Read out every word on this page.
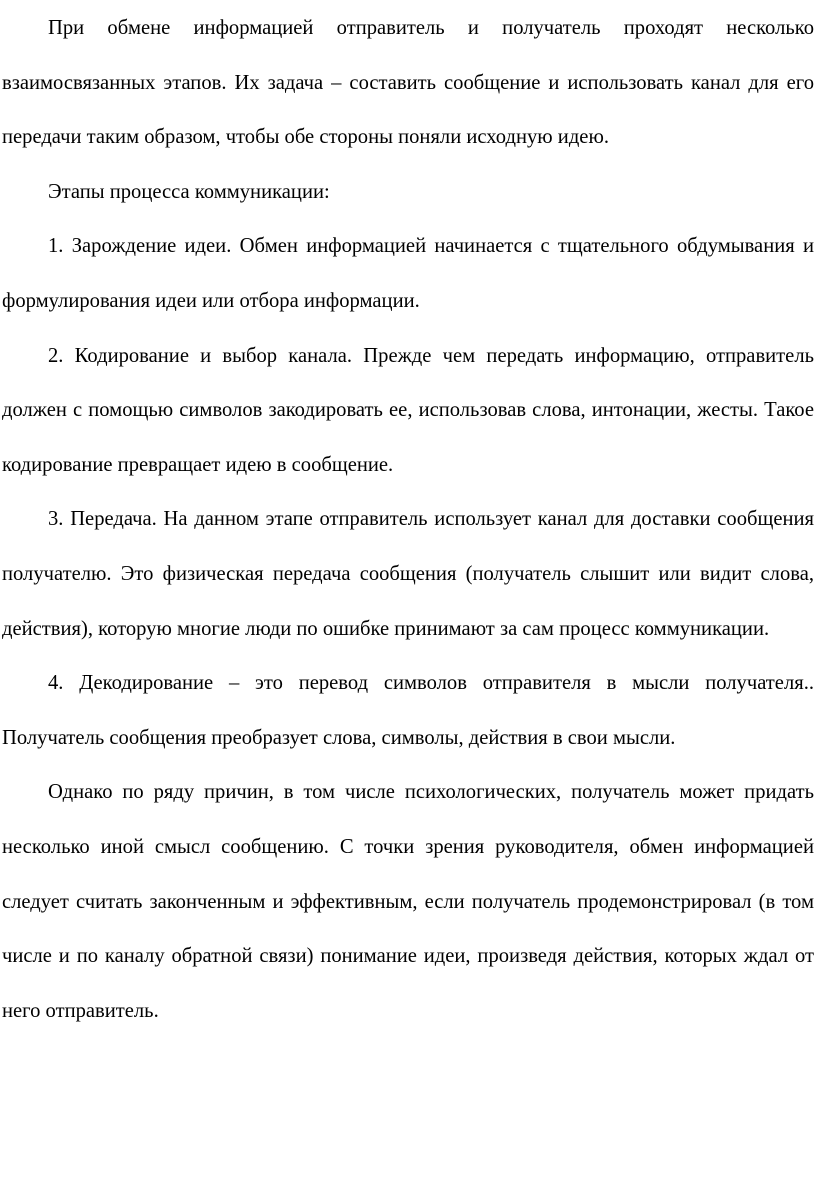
При обмене информацией отправитель и получатель проходят несколько взаимосвязанных этапов. Их задача – составить сообщение и использовать канал для его передачи таким образом, чтобы обе стороны поняли исходную идею.

Этапы процесса коммуникации:

1. Зарождение идеи. Обмен информацией начинается с тщательного обдумывания и формулирования идеи или отбора информации.

2. Кодирование и выбор канала. Прежде чем передать информацию, отправитель должен с помощью символов закодировать ее, использовав слова, интонации, жесты. Такое кодирование превращает идею в сообщение.

3. Передача. На данном этапе отправитель использует канал для доставки сообщения получателю. Это физическая передача сообщения (получатель слышит или видит слова, действия), которую многие люди по ошибке принимают за сам процесс коммуникации.

4. Декодирование – это перевод символов отправителя в мысли получателя.. Получатель сообщения преобразует слова, символы, действия в свои мысли.

Однако по ряду причин, в том числе психологических, получатель может придать несколько иной смысл сообщению. С точки зрения руководителя, обмен информацией следует считать законченным и эффективным, если получатель продемонстрировал (в том числе и по каналу обратной связи) понимание идеи, произведя действия, которых ждал от него отправитель.
